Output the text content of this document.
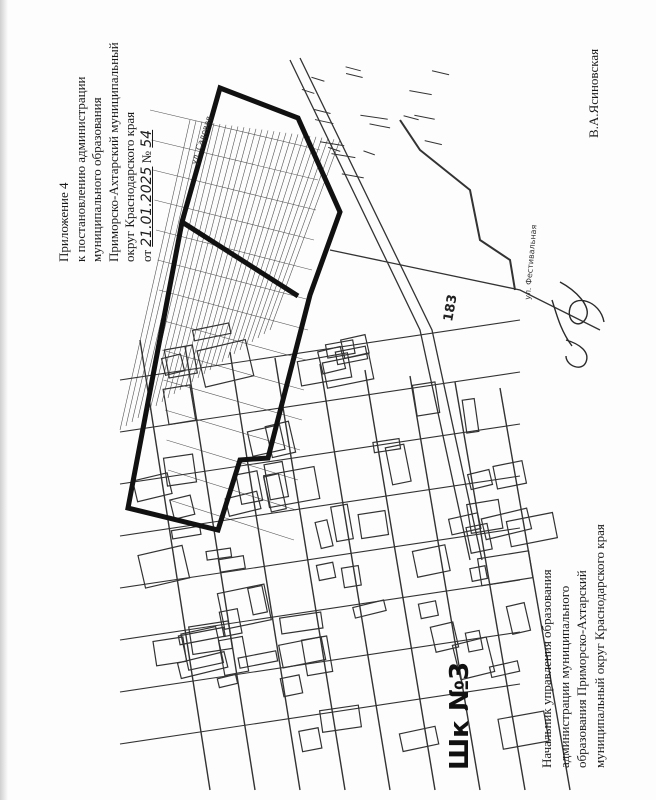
183
Шк №3
ул. Садовая
ул. Фестивальная
Приложение 4 к постановлению администрации муниципального образования Приморско-Ахтарский муниципальный округ Краснодарского края от 21.01.2025 № 54
В.А.Ясиновская
Начальник управления образования администрации муниципального образования Приморско-Ахтарский муниципальный округ Краснодарского края
